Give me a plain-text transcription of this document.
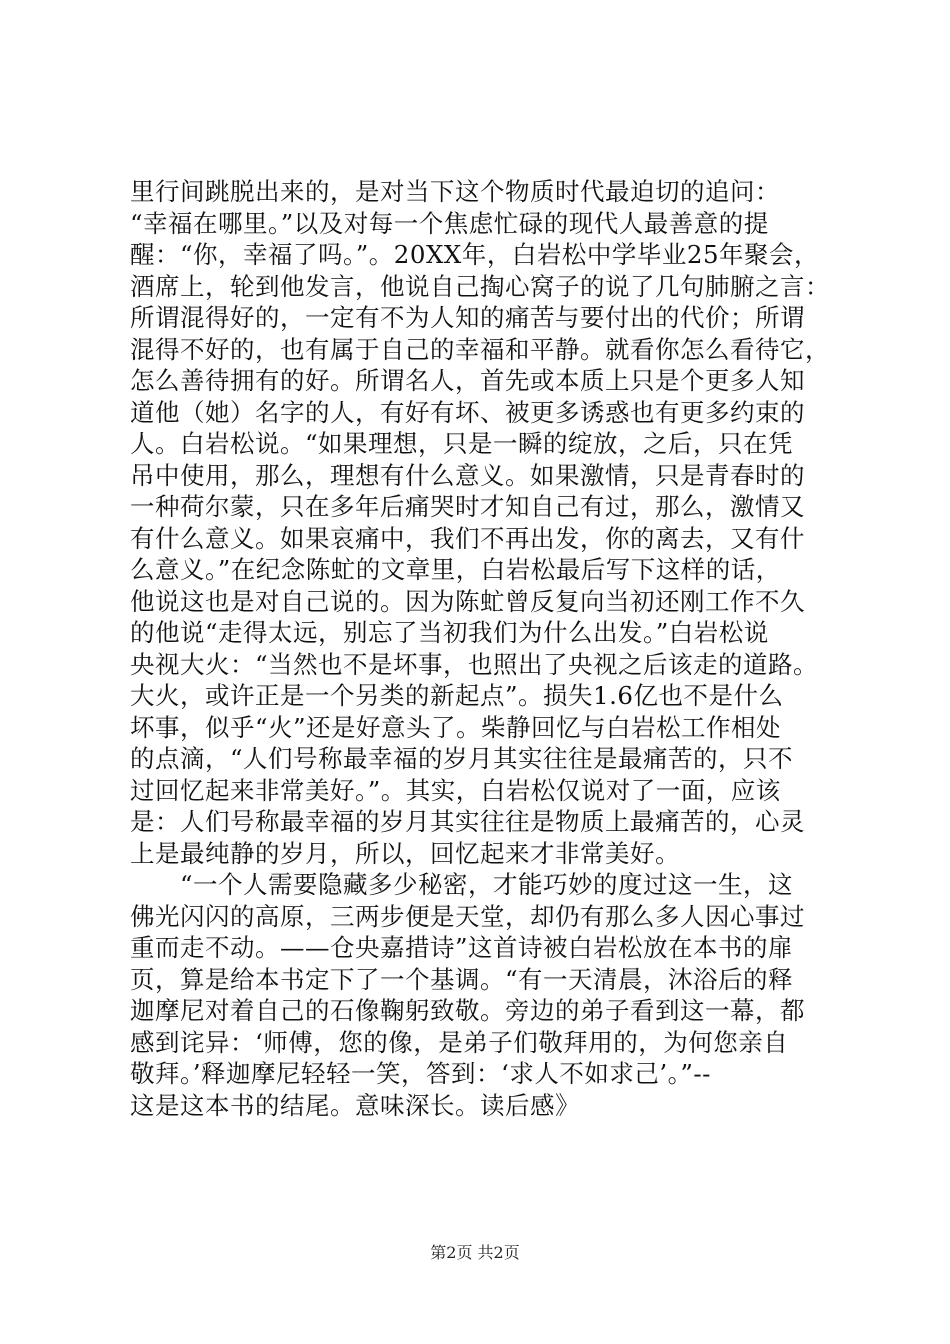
里行间跳脱出来的，是对当下这个物质时代最迫切的追问：
“幸福在哪里。”以及对每一个焦虑忙碌的现代人最善意的提
醒：“你，幸福了吗。”。20XX年，白岩松中学毕业25年聚会，
酒席上，轮到他发言，他说自己掏心窝子的说了几句肺腑之言：
所谓混得好的，一定有不为人知的痛苦与要付出的代价；所谓
混得不好的，也有属于自己的幸福和平静。就看你怎么看待它，
怎么善待拥有的好。所谓名人，首先或本质上只是个更多人知
道他（她）名字的人，有好有坏、被更多诱惑也有更多约束的
人。白岩松说。“如果理想，只是一瞬的绽放，之后，只在凭
吊中使用，那么，理想有什么意义。如果激情，只是青春时的
一种荷尔蒙，只在多年后痛哭时才知自己有过，那么，激情又
有什么意义。如果哀痛中，我们不再出发，你的离去，又有什
么意义。”在纪念陈虻的文章里，白岩松最后写下这样的话，
他说这也是对自己说的。因为陈虻曾反复向当初还刚工作不久
的他说“走得太远，别忘了当初我们为什么出发。”白岩松说
央视大火：“当然也不是坏事，也照出了央视之后该走的道路。
大火，或许正是一个另类的新起点”。损失1.6亿也不是什么
坏事，似乎“火”还是好意头了。柴静回忆与白岩松工作相处
的点滴，“人们号称最幸福的岁月其实往往是最痛苦的，只不
过回忆起来非常美好。”。其实，白岩松仅说对了一面，应该
是：人们号称最幸福的岁月其实往往是物质上最痛苦的，心灵
上是最纯静的岁月，所以，回忆起来才非常美好。
“一个人需要隐藏多少秘密，才能巧妙的度过这一生，这
佛光闪闪的高原，三两步便是天堂，却仍有那么多人因心事过
重而走不动。——仓央嘉措诗”这首诗被白岩松放在本书的扉
页，算是给本书定下了一个基调。“有一天清晨，沐浴后的释
迦摩尼对着自己的石像鞠躬致敬。旁边的弟子看到这一幕，都
感到诧异：‘师傅，您的像，是弟子们敬拜用的，为何您亲自
敬拜。’释迦摩尼轻轻一笑，答到：‘求人不如求己’。”--
这是这本书的结尾。意味深长。读后感》
第2页 共2页
